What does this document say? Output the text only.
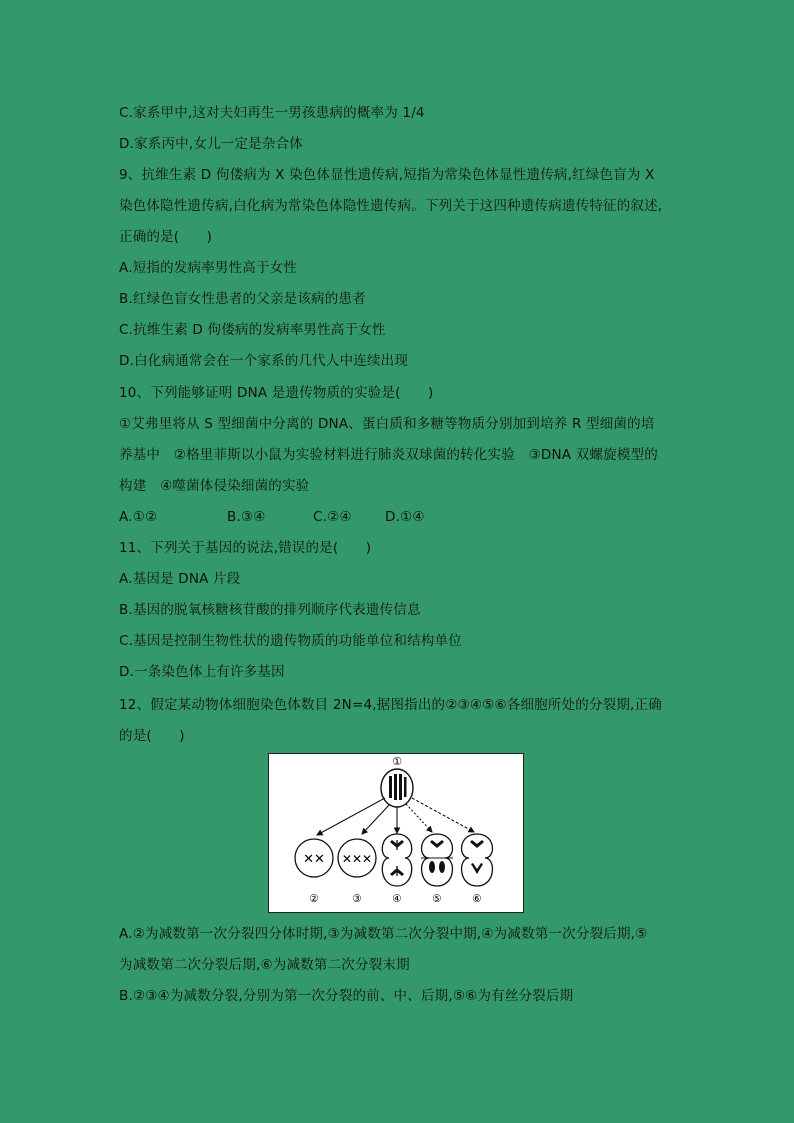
C.家系甲中,这对夫妇再生一男孩患病的概率为 1/4
D.家系丙中,女儿一定是杂合体
9、抗维生素 D 佝偻病为 X 染色体显性遗传病,短指为常染色体显性遗传病,红绿色盲为 X
染色体隐性遗传病,白化病为常染色体隐性遗传病。下列关于这四种遗传病遗传特征的叙述,
正确的是(　　)
A.短指的发病率男性高于女性
B.红绿色盲女性患者的父亲是该病的患者
C.抗维生素 D 佝偻病的发病率男性高于女性
D.白化病通常会在一个家系的几代人中连续出现
10、下列能够证明 DNA 是遗传物质的实验是(　　)
①艾弗里将从 S 型细菌中分离的 DNA、蛋白质和多糖等物质分别加到培养 R 型细菌的培
养基中　②格里菲斯以小鼠为实验材料进行肺炎双球菌的转化实验　③DNA 双螺旋模型的
构建　④噬菌体侵染细菌的实验
A.①②	B.③④	C.②④ D.①④
11、下列关于基因的说法,错误的是(　　)
A.基因是 DNA 片段
B.基因的脱氧核糖核苷酸的排列顺序代表遗传信息
C.基因是控制生物性状的遗传物质的功能单位和结构单位
D.一条染色体上有许多基因
12、假定某动物体细胞染色体数目 2N=4,据图指出的②③④⑤⑥各细胞所处的分裂期,正确
的是(　　)
①
✕✕ ✕✕✕
②	③	④	⑤	⑥
A.②为减数第一次分裂四分体时期,③为减数第二次分裂中期,④为减数第一次分裂后期,⑤
为减数第二次分裂后期,⑥为减数第二次分裂末期
B.②③④为减数分裂,分别为第一次分裂的前、中、后期,⑤⑥为有丝分裂后期
